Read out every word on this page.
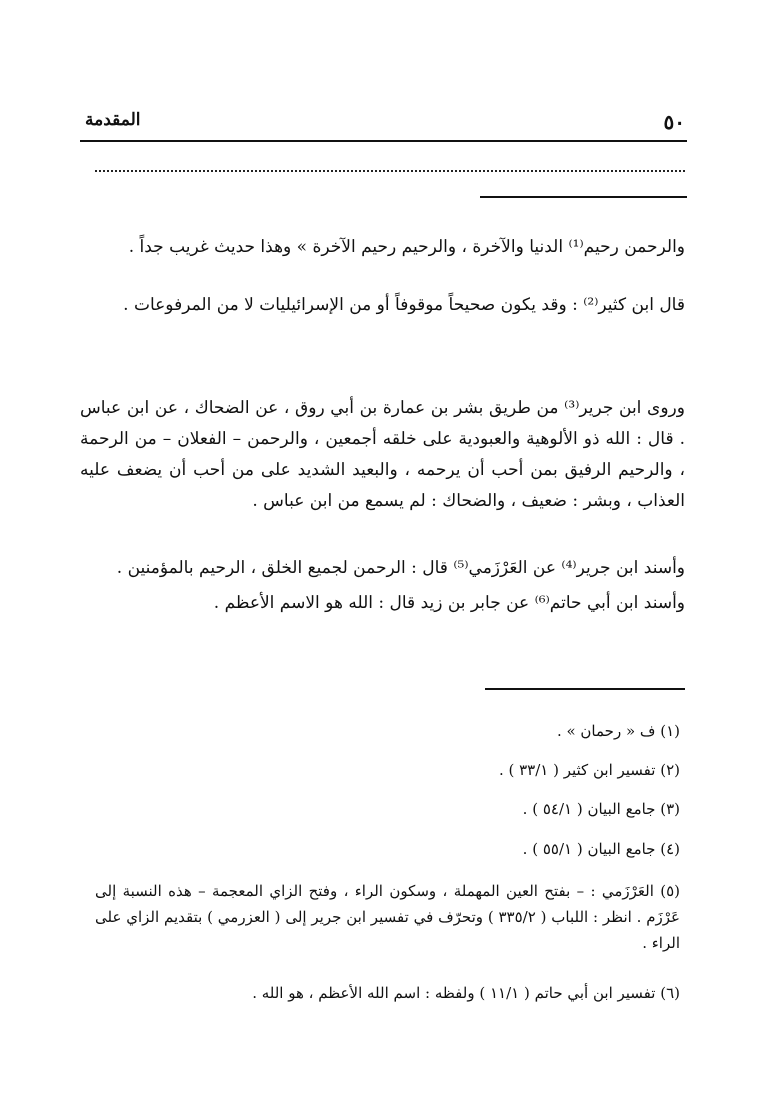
المقدمة	٥٠

والرحمن رحيم⁽¹⁾ الدنيا والآخرة ، والرحيم رحيم الآخرة » وهذا حديث غريب جداً .

قال ابن كثير⁽²⁾ : وقد يكون صحيحاً موقوفاً أو من الإسرائيليات لا من المرفوعات .

وروى ابن جرير⁽³⁾ من طريق بشر بن عمارة بن أبي روق ، عن الضحاك ، عن ابن عباس . قال : الله ذو الألوهية والعبودية على خلقه أجمعين ، والرحمن – الفعلان – من الرحمة ، والرحيم الرفيق بمن أحب أن يرحمه ، والبعيد الشديد على من أحب أن يضعف عليه العذاب ، وبشر : ضعيف ، والضحاك : لم يسمع من ابن عباس .

وأسند ابن جرير⁽⁴⁾ عن العَرْزَمي⁽⁵⁾ قال : الرحمن لجميع الخلق ، الرحيم بالمؤمنين .

وأسند ابن أبي حاتم⁽⁶⁾ عن جابر بن زيد قال : الله هو الاسم الأعظم .

(١) ف « رحمان » .
(٢) تفسير ابن كثير ( ٣٣/١ ) .
(٣) جامع البيان ( ٥٤/١ ) .
(٤) جامع البيان ( ٥٥/١ ) .
(٥) العَرْزَمي : – بفتح العين المهملة ، وسكون الراء ، وفتح الزاي المعجمة – هذه النسبة إلى عَرْزَم . انظر : اللباب ( ٣٣٥/٢ ) وتحرّف في تفسير ابن جرير إلى ( العزرمي ) بتقديم الزاي على الراء .
(٦) تفسير ابن أبي حاتم ( ١١/١ ) ولفظه : اسم الله الأعظم ، هو الله .
